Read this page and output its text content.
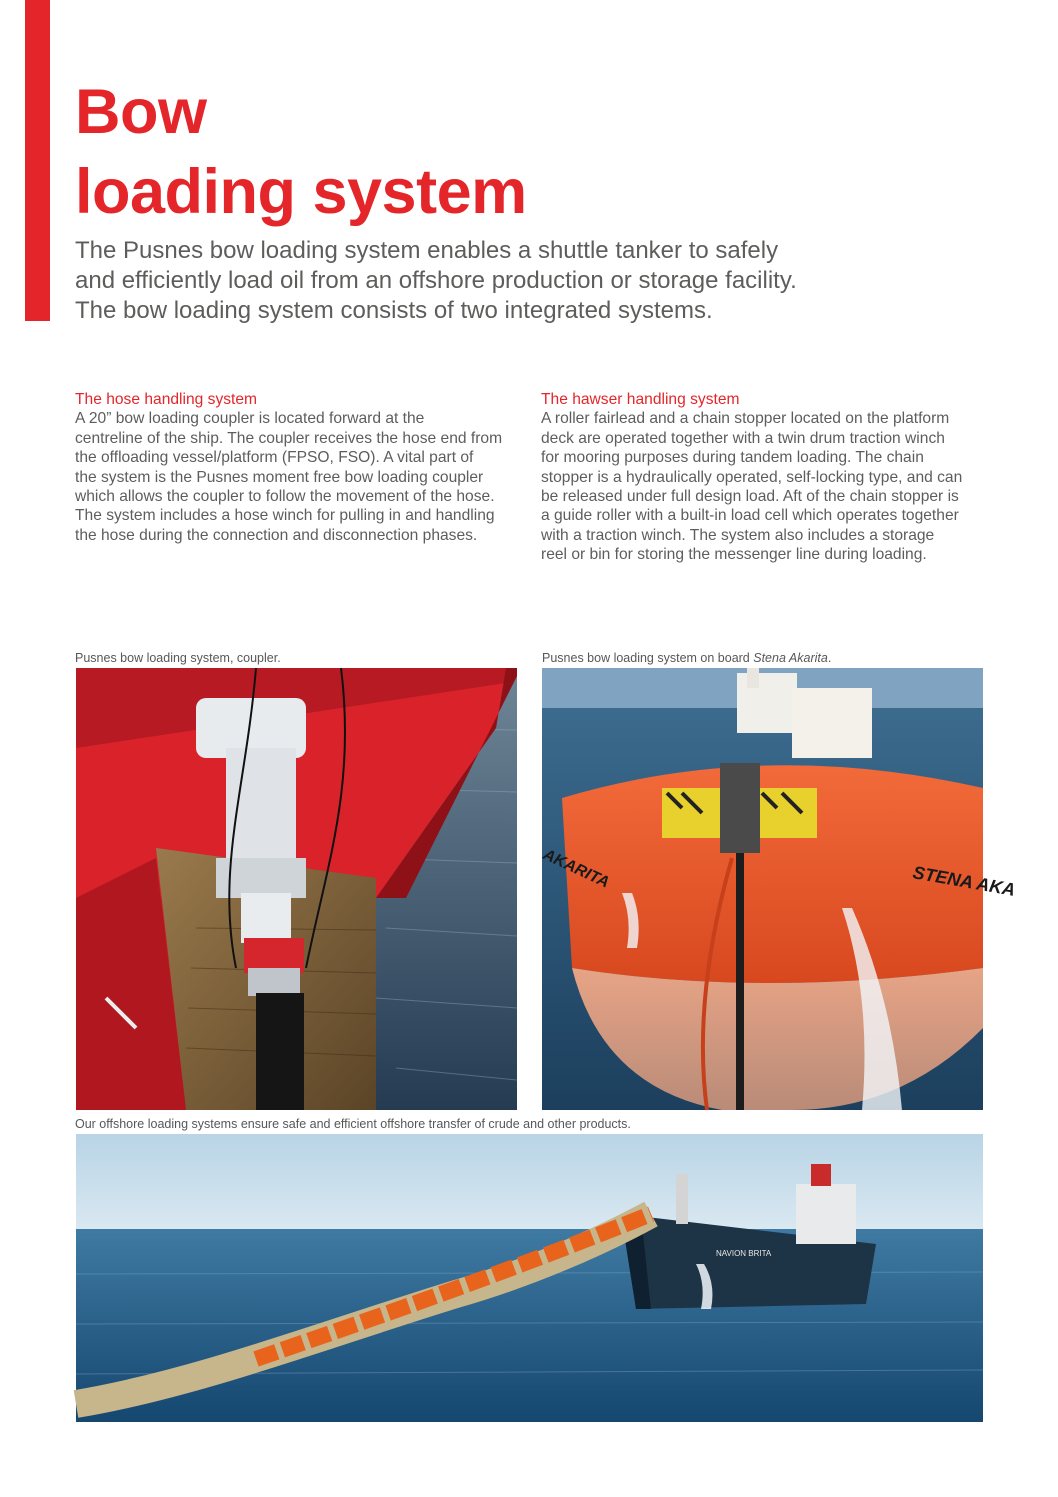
Bow
loading system

The Pusnes bow loading system enables a shuttle tanker to safely
and efficiently load oil from an offshore production or storage facility.
The bow loading system consists of two integrated systems.

The hose handling system

A 20” bow loading coupler is located forward at the
centreline of the ship. The coupler receives the hose end from
the offloading vessel/platform (FPSO, FSO). A vital part of
the system is the Pusnes moment free bow loading coupler
which allows the coupler to follow the movement of the hose.
The system includes a hose winch for pulling in and handling
the hose during the connection and disconnection phases.

The hawser handling system

A roller fairlead and a chain stopper located on the platform
deck are operated together with a twin drum traction winch
for mooring purposes during tandem loading. The chain
stopper is a hydraulically operated, self-locking type, and can
be released under full design load. Aft of the chain stopper is
a guide roller with a built-in load cell which operates together
with a traction winch. The system also includes a storage
reel or bin for storing the messenger line during loading.

Pusnes bow loading system, coupler.	Pusnes bow loading system on board Stena Akarita.
Our offshore loading systems ensure safe and efficient offshore transfer of crude and other products.
STENA AKA
AKARITA
NAVION BRITA
